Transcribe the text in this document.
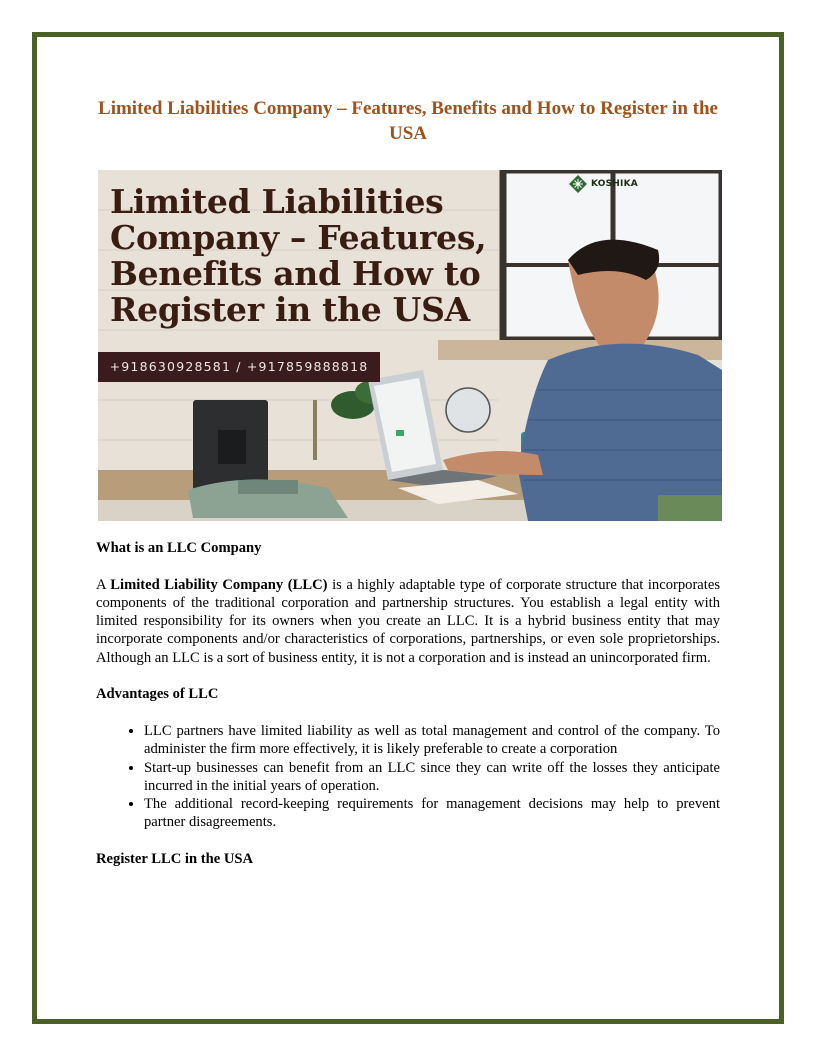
Limited Liabilities Company – Features, Benefits and How to Register in the USA
Limited Liabilities Company – Features, Benefits and How to Register in the USA
+918630928581 / +917859888818
KOSHIKA
What is an LLC Company

A Limited Liability Company (LLC) is a highly adaptable type of corporate structure that incorporates components of the traditional corporation and partnership structures. You establish a legal entity with limited responsibility for its owners when you create an LLC. It is a hybrid business entity that may incorporate components and/or characteristics of corporations, partnerships, or even sole proprietorships. Although an LLC is a sort of business entity, it is not a corporation and is instead an unincorporated firm.

Advantages of LLC
• LLC partners have limited liability as well as total management and control of the company. To administer the firm more effectively, it is likely preferable to create a corporation
• Start-up businesses can benefit from an LLC since they can write off the losses they anticipate incurred in the initial years of operation.
• The additional record-keeping requirements for management decisions may help to prevent partner disagreements.
Register LLC in the USA
